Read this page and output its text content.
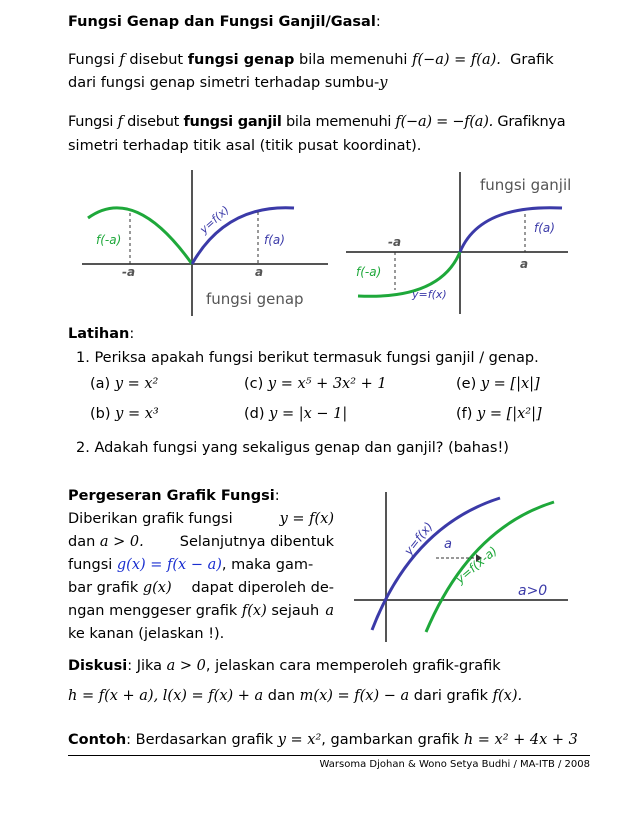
Fungsi Genap dan Fungsi Ganjil/Gasal:
Fungsi f disebut fungsi genap bila memenuhi f(−a) = f(a). Grafik
dari fungsi genap simetri terhadap sumbu-y
Fungsi f disebut fungsi ganjil bila memenuhi f(−a) = −f(a). Grafiknya
simetri terhadap titik asal (titik pusat koordinat).
f(-a)	f(a)
y=f(x)
-a	a
fungsi genap
fungsi ganjil
-a
a
f(a)
f(-a)
y=f(x)
Latihan:
1. Periksa apakah fungsi berikut termasuk fungsi ganjil / genap.
(a) y = x²	(c) y = x⁵ + 3x² + 1	(e) y = [|x|]
(b) y = x³	(d) y = |x − 1|	(f) y = [|x²|]
2. Adakah fungsi yang sekaligus genap dan ganjil? (bahas!)
Pergeseran Grafik Fungsi:
Diberikan grafik fungsi	y = f(x)
dan a > 0. Selanjutnya dibentuk
fungsi g(x) = f(x − a), maka gam-
bar grafik g(x) dapat diperoleh de-
ngan menggeser grafik f(x) sejauh a
ke kanan (jelaskan !).
a
y=f(x)
y=f(x-a)
a>0
Diskusi: Jika a > 0, jelaskan cara memperoleh grafik-grafik
h = f(x + a), l(x) = f(x) + a dan m(x) = f(x) − a dari grafik f(x).
Contoh: Berdasarkan grafik y = x², gambarkan grafik h = x² + 4x + 3
Warsoma Djohan & Wono Setya Budhi / MA-ITB / 2008
